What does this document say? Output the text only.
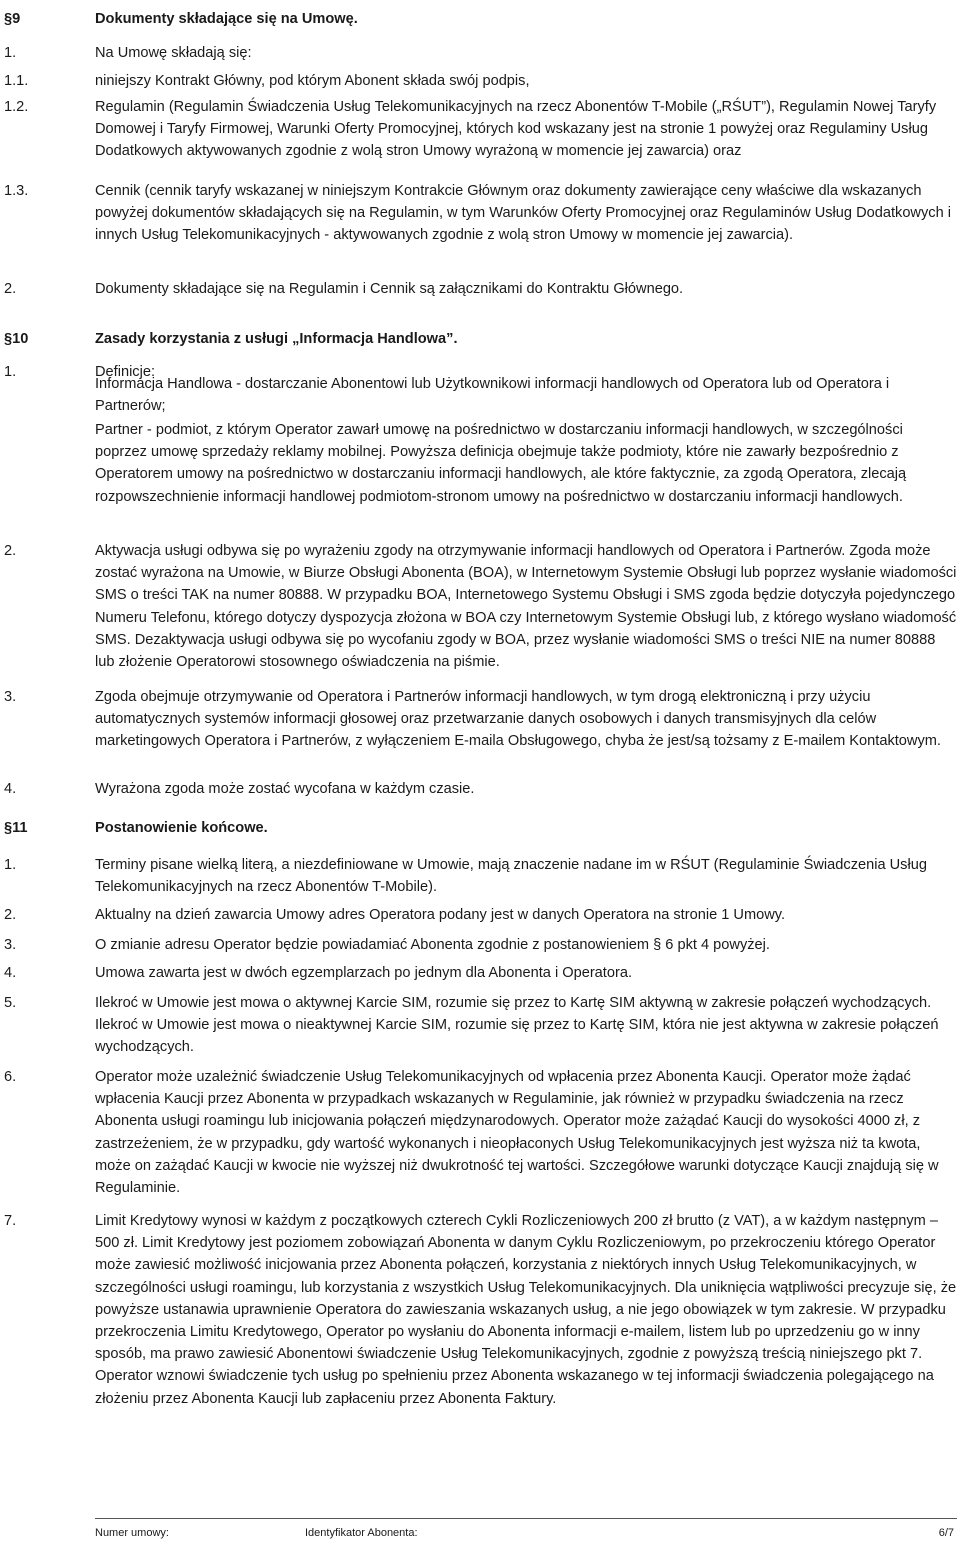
§9	Dokumenty składające się na Umowę.
1.	Na Umowę składają się:
1.1.	niniejszy Kontrakt Główny, pod którym Abonent składa swój podpis,
1.2.	Regulamin (Regulamin Świadczenia Usług Telekomunikacyjnych na rzecz Abonentów T-Mobile („RŚUT”), Regulamin Nowej Taryfy Domowej i Taryfy Firmowej, Warunki Oferty Promocyjnej, których kod wskazany jest na stronie 1 powyżej oraz Regulaminy Usług Dodatkowych aktywowanych zgodnie z wolą stron Umowy wyrażoną w momencie jej zawarcia) oraz
1.3.	Cennik (cennik taryfy wskazanej w niniejszym Kontrakcie Głównym oraz dokumenty zawierające ceny właściwe dla wskazanych powyżej dokumentów składających się na Regulamin, w tym Warunków Oferty Promocyjnej oraz Regulaminów Usług Dodatkowych i innych Usług Telekomunikacyjnych - aktywowanych zgodnie z wolą stron Umowy w momencie jej zawarcia).
2.	Dokumenty składające się na Regulamin i Cennik są załącznikami do Kontraktu Głównego.
§10	Zasady korzystania z usługi „Informacja Handlowa”.
1.	Definicje:
Informacja Handlowa - dostarczanie Abonentowi lub Użytkownikowi informacji handlowych od Operatora lub od Operatora i Partnerów;
Partner - podmiot, z którym Operator zawarł umowę na pośrednictwo w dostarczaniu informacji handlowych, w szczególności poprzez umowę sprzedaży reklamy mobilnej. Powyższa definicja obejmuje także podmioty, które nie zawarły bezpośrednio z Operatorem umowy na pośrednictwo w dostarczaniu informacji handlowych, ale które faktycznie, za zgodą Operatora, zlecają rozpowszechnienie informacji handlowej podmiotom-stronom umowy na pośrednictwo w dostarczaniu informacji handlowych.
2.	Aktywacja usługi odbywa się po wyrażeniu zgody na otrzymywanie informacji handlowych od Operatora i Partnerów. Zgoda może zostać wyrażona na Umowie, w Biurze Obsługi Abonenta (BOA), w Internetowym Systemie Obsługi lub poprzez wysłanie wiadomości SMS o treści TAK na numer 80888. W przypadku BOA, Internetowego Systemu Obsługi i SMS zgoda będzie dotyczyła pojedynczego Numeru Telefonu, którego dotyczy dyspozycja złożona w BOA czy Internetowym Systemie Obsługi lub, z którego wysłano wiadomość SMS. Dezaktywacja usługi odbywa się po wycofaniu zgody w BOA, przez wysłanie wiadomości SMS o treści NIE na numer 80888 lub złożenie Operatorowi stosownego oświadczenia na piśmie.
3.	Zgoda obejmuje otrzymywanie od Operatora i Partnerów informacji handlowych, w tym drogą elektroniczną i przy użyciu automatycznych systemów informacji głosowej oraz przetwarzanie danych osobowych i danych transmisyjnych dla celów marketingowych Operatora i Partnerów, z wyłączeniem E-maila Obsługowego, chyba że jest/są tożsamy z E-mailem Kontaktowym.
4.	Wyrażona zgoda może zostać wycofana w każdym czasie.
§11	Postanowienie końcowe.
1.	Terminy pisane wielką literą, a niezdefiniowane w Umowie, mają znaczenie nadane im w RŚUT (Regulaminie Świadczenia Usług Telekomunikacyjnych na rzecz Abonentów T-Mobile).
2.	Aktualny na dzień zawarcia Umowy adres Operatora podany jest w danych Operatora na stronie 1 Umowy.
3.	O zmianie adresu Operator będzie powiadamiać Abonenta zgodnie z postanowieniem § 6 pkt 4 powyżej.
4.	Umowa zawarta jest w dwóch egzemplarzach po jednym dla Abonenta i Operatora.
5.	Ilekroć w Umowie jest mowa o aktywnej Karcie SIM, rozumie się przez to Kartę SIM aktywną w zakresie połączeń wychodzących. Ilekroć w Umowie jest mowa o nieaktywnej Karcie SIM, rozumie się przez to Kartę SIM, która nie jest aktywna w zakresie połączeń wychodzących.
6.	Operator może uzależnić świadczenie Usług Telekomunikacyjnych od wpłacenia przez Abonenta Kaucji. Operator może żądać wpłacenia Kaucji przez Abonenta w przypadkach wskazanych w Regulaminie, jak również w przypadku świadczenia na rzecz Abonenta usługi roamingu lub inicjowania połączeń międzynarodowych. Operator może zażądać Kaucji do wysokości 4000 zł, z zastrzeżeniem, że w przypadku, gdy wartość wykonanych i nieopłaconych Usług Telekomunikacyjnych jest wyższa niż ta kwota, może on zażądać Kaucji w kwocie nie wyższej niż dwukrotność tej wartości. Szczegółowe warunki dotyczące Kaucji znajdują się w Regulaminie.
7.	Limit Kredytowy wynosi w każdym z początkowych czterech Cykli Rozliczeniowych 200 zł brutto (z VAT), a w każdym następnym – 500 zł. Limit Kredytowy jest poziomem zobowiązań Abonenta w danym Cyklu Rozliczeniowym, po przekroczeniu którego Operator może zawiesić możliwość inicjowania przez Abonenta połączeń, korzystania z niektórych innych Usług Telekomunikacyjnych, w szczególności usługi roamingu, lub korzystania z wszystkich Usług Telekomunikacyjnych. Dla uniknięcia wątpliwości precyzuje się, że powyższe ustanawia uprawnienie Operatora do zawieszania wskazanych usług, a nie jego obowiązek w tym zakresie. W przypadku przekroczenia Limitu Kredytowego, Operator po wysłaniu do Abonenta informacji e-mailem, listem lub po uprzedzeniu go w inny sposób, ma prawo zawiesić Abonentowi świadczenie Usług Telekomunikacyjnych, zgodnie z powyższą treścią niniejszego pkt 7. Operator wznowi świadczenie tych usług po spełnieniu przez Abonenta wskazanego w tej informacji świadczenia polegającego na złożeniu przez Abonenta Kaucji lub zapłaceniu przez Abonenta Faktury.
Numer umowy:	Identyfikator Abonenta:	6/7
